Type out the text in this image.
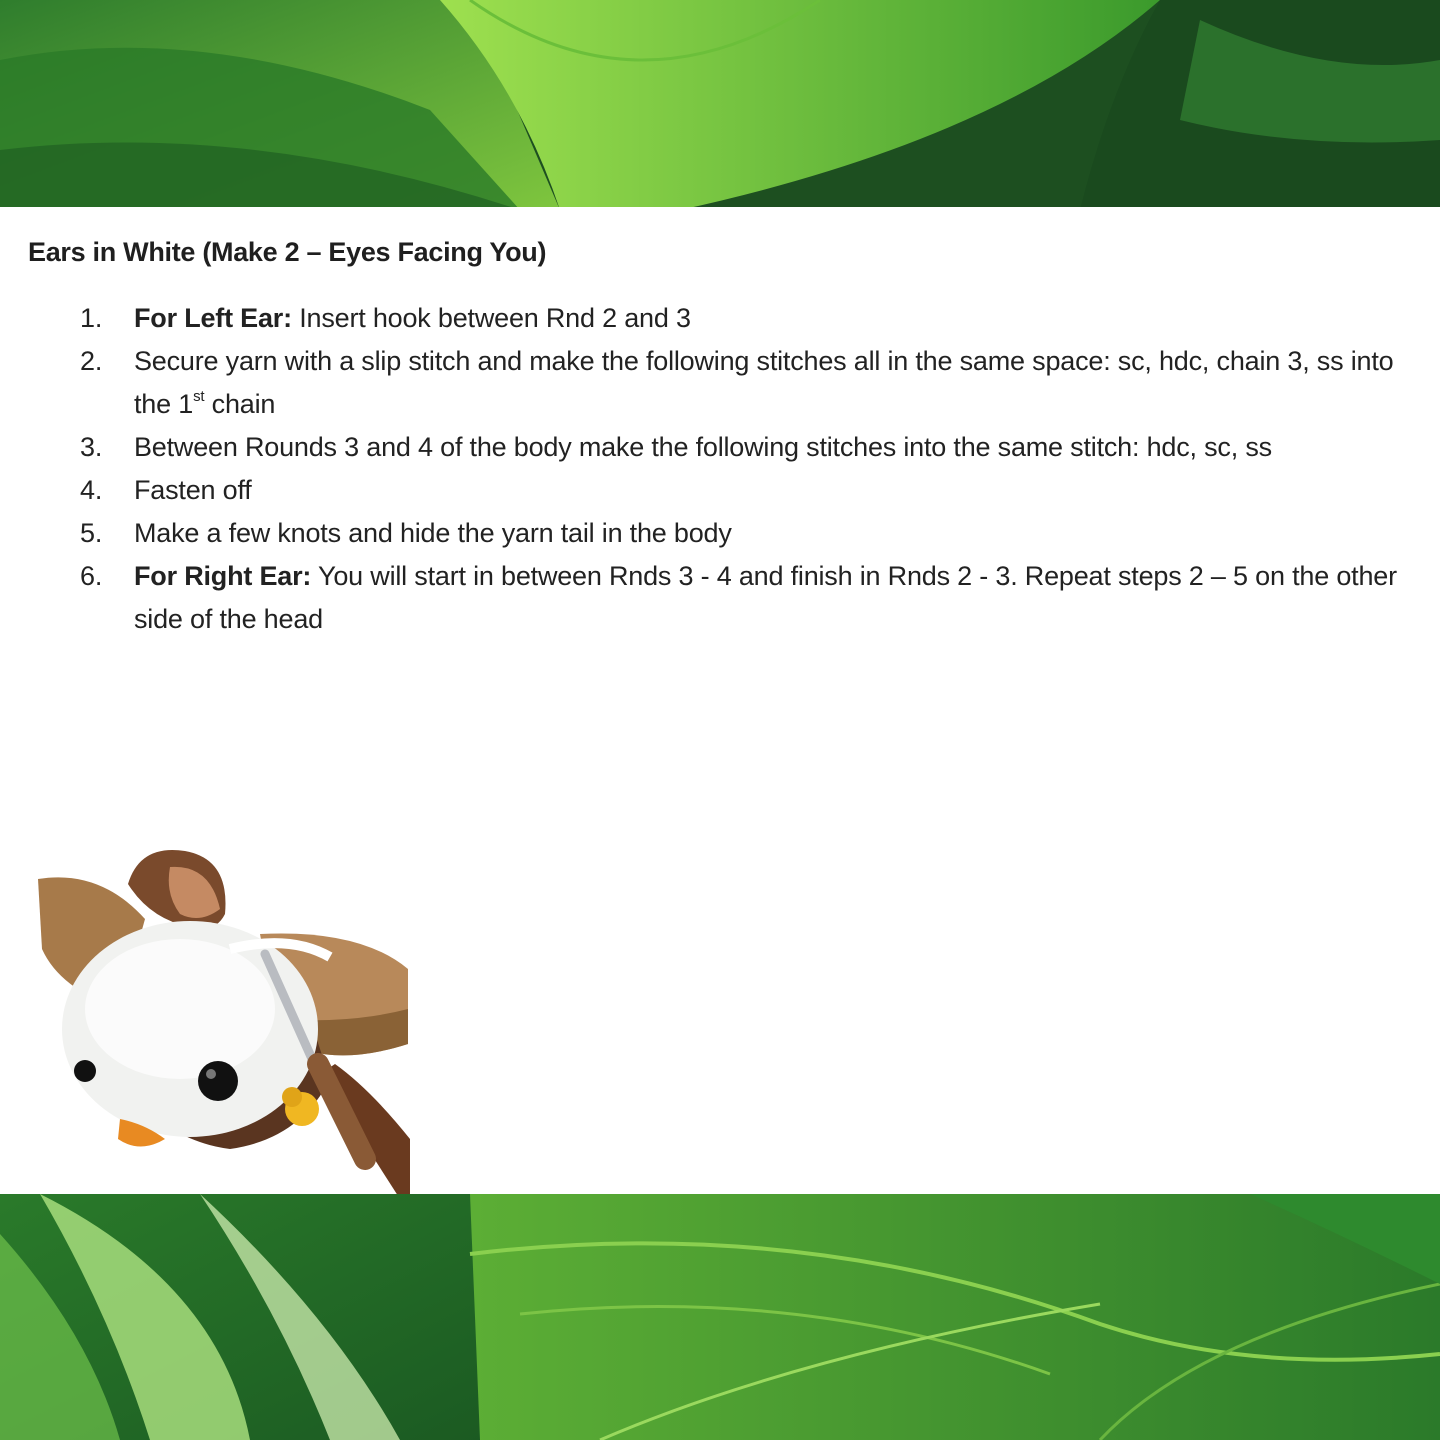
Ears in White (Make 2 – Eyes Facing You)
1. For Left Ear: Insert hook between Rnd 2 and 3
2. Secure yarn with a slip stitch and make the following stitches all in the same space: sc, hdc, chain 3, ss into the 1st chain
3. Between Rounds 3 and 4 of the body make the following stitches into the same stitch: hdc, sc, ss
4. Fasten off
5. Make a few knots and hide the yarn tail in the body
6. For Right Ear: You will start in between Rnds 3 - 4 and finish in Rnds 2 - 3. Repeat steps 2 – 5 on the other side of the head
